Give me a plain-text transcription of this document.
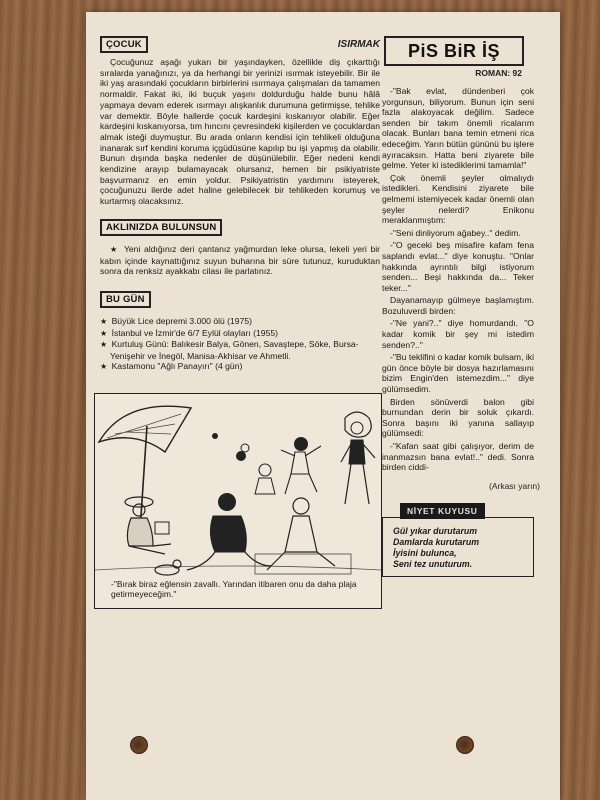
ÇOCUK	ISIRMAK
Çocuğunuz aşağı yukarı bir yaşındayken, özellikle diş çıkarttığı sıralarda yanağınızı, ya da herhangi bir yerinizi ısırmak isteyebilir. Bir ile iki yaş arasındaki çocukların birbirlerini ısırmaya çalışmaları da tamamen normaldir. Fakat iki, iki buçuk yaşını doldurduğu halde bunu hâlâ yapmaya devam ederek ısırmayı alışkanlık durumuna getirmişse, tehlike var demektir. Böyle hallerde çocuk kardeşini kıskanıyor olabilir. Eğer kardeşini kıskanıyorsa, tım hıncını çevresindeki kişilerden ve çocuklardan almak isteği duymuştur. Bu arada onların kendisi için tehlikeli olduğuna inanarak sırf kendini koruma içgüdüsüne kapılıp bu işi yapmış da olabilir. Bunun dışında başka nedenler de düşünülebilir. Eğer nedeni kendi kendizine arayıp bulamayacak olursanız, hemen bir psikiyatriste başvurmanız en emin yoldur. Psikiyatristin yardımını isteyerek, çocuğunuzu ilerde adet haline gelebilecek bir tehlikeden korumuş ve kurtarmış olacaksınız.
AKLINIZDA BULUNSUN
★ Yeni aldığınız deri çantanız yağmurdan leke olursa, lekeli yeri bir kabın içinde kaynattığınız suyun buharına bir süre tutunuz, kuruduktan sonra da renksiz ayakkabı cilası ile parlatınız.
BU GÜN
★ Büyük Lice depremi 3.000 ölü (1975)
★ İstanbul ve İzmir'de 6/7 Eylül olayları (1955)
★ Kurtuluş Günü: Balıkesir Balya, Gönen, Savaştepe, Söke, Bursa-Yenişehir ve İnegöl, Manisa-Akhisar ve Ahmetli.
★ Kastamonu "Ağlı Panayırı" (4 gün)
-"Bırak biraz eğlensin zavallı. Yarından itibaren onu da daha plaja getirmeyeceğim."
PiS BiR İŞ
ROMAN: 92

-"Bak evlat, dündenberi çok yorgunsun, biliyorum. Bunun için seni fazla alakoyacak değilim. Sadece senden bir takım önemli ricalarım olacak. Bunları bana temin etmeni rica edeceğim. Yarın bütün gününü bu işlere ayıracaksın. Hatta beni ziyarete bile gelme. Yeter ki istediklerimi tamamla!"

Çok önemli şeyler olmalıydı istedikleri. Kendisini ziyarete bile gelmemi istemiyecek kadar önemli olan şeyler nelerdi? Enikonu meraklanmıştım:

-"Seni dinliyorum ağabey.." dedim.

-"O geceki beş misafire kafam fena saplandı evlat..." diye konuştu. "Onlar hakkında ayrıntılı bilgi istiyorum senden... Beşi hakkında da... Teker teker..."

Dayanamayıp gülmeye başlamıştım. Bozuluverdi birden:

-"Ne yani?.." diye homurdandı. "O kadar komik bir şey mi istedim senden?.."

-"Bu teklifini o kadar komik bulsam, iki gün önce böyle bir dosya hazırlamasını bizim Engin'den istemezdim..." diye gülümsedim.

Birden sönüverdi balon gibi burnundan derin bir soluk çıkardı. Sonra başını iki yanına sallayıp gülümsedi:

-"Kafan saat gibi çalışıyor, derim de inanmazsın bana evlat!.." dedi. Sonra birden ciddi-

(Arkası yarın)
NİYET KUYUSU
Gül yıkar durutarum
Damlarda kurutarum
İyisini bulunca,
Seni tez unuturum.
